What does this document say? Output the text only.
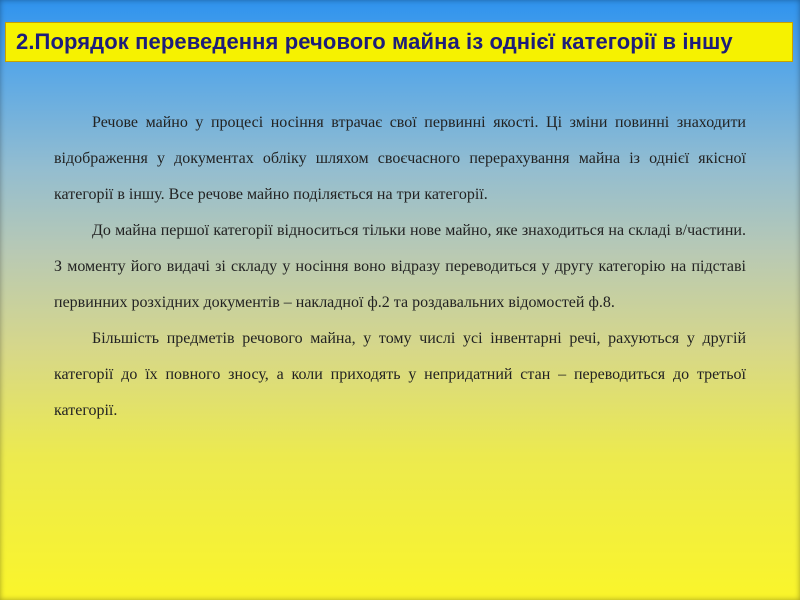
2.Порядок переведення речового майна із однієї категорії в іншу

Речове майно у процесі носіння втрачає свої первинні якості. Ці зміни повинні знаходити відображення у документах обліку шляхом своєчасного перерахування майна із однієї якісної категорії в іншу. Все речове майно поділяється на три категорії.

До майна першої категорії відноситься тільки нове майно, яке знаходиться на складі в/частини. З моменту його видачі зі складу у носіння воно відразу переводиться у другу категорію на підставі первинних розхідних документів – накладної ф.2 та роздавальних відомостей ф.8.

Більшість предметів речового майна, у тому числі усі інвентарні речі, рахуються у другій категорії до їх повного зносу, а коли приходять у непридатний стан – переводиться до третьої категорії.
